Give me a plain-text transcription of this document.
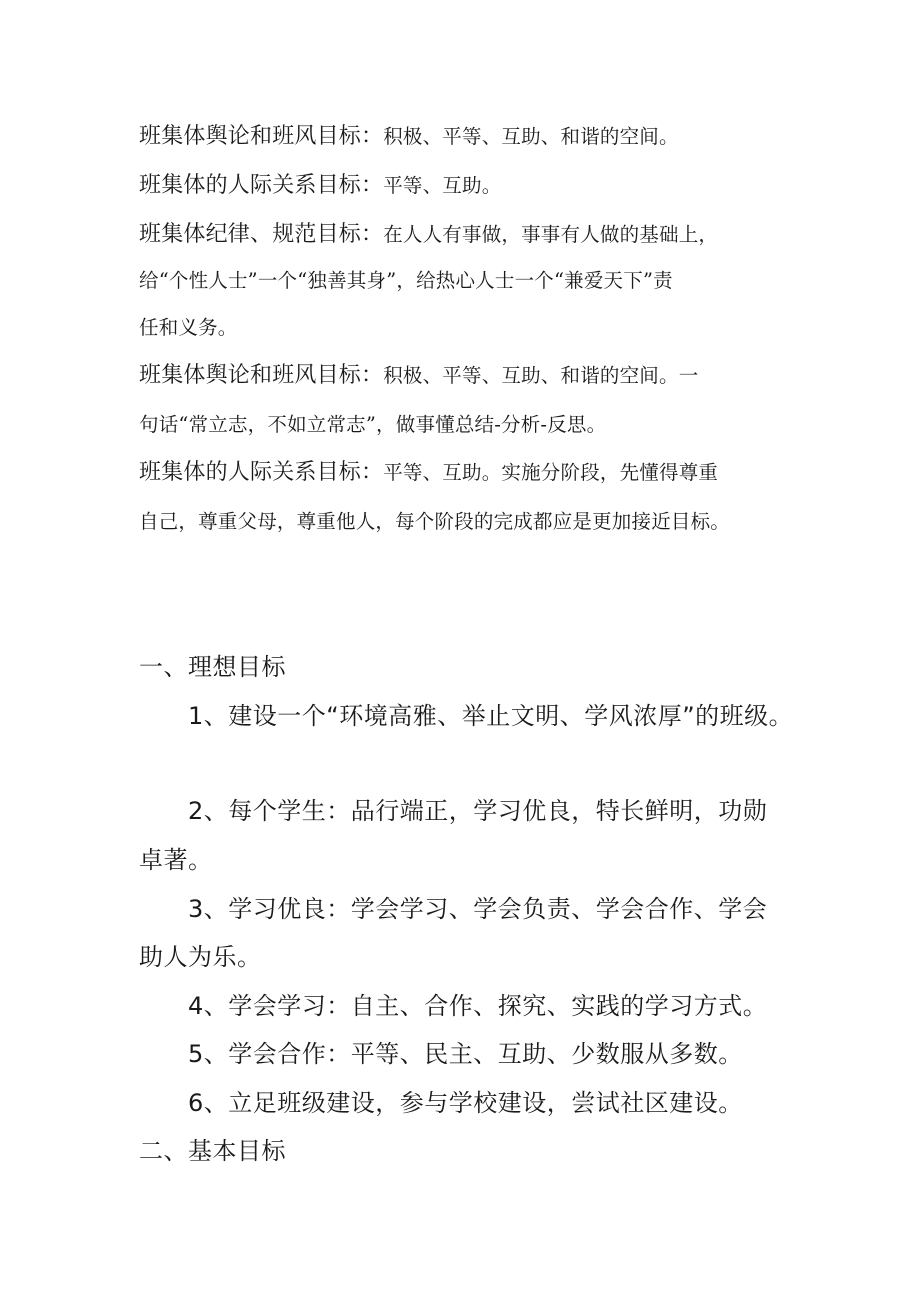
班集体舆论和班风目标：积极、平等、互助、和谐的空间。
班集体的人际关系目标：平等、互助。
班集体纪律、规范目标：在人人有事做，事事有人做的基础上，
给“个性人士”一个“独善其身”，给热心人士一个“兼爱天下”责
任和义务。
班集体舆论和班风目标：积极、平等、互助、和谐的空间。一
句话“常立志，不如立常志”，做事懂总结-分析-反思。
班集体的人际关系目标：平等、互助。实施分阶段，先懂得尊重
自己，尊重父母，尊重他人，每个阶段的完成都应是更加接近目标。
一、理想目标
1、建设一个“环境高雅、举止文明、学风浓厚”的班级。
2、每个学生：品行端正，学习优良，特长鲜明，功勋
卓著。
3、学习优良：学会学习、学会负责、学会合作、学会
助人为乐。
4、学会学习：自主、合作、探究、实践的学习方式。
5、学会合作：平等、民主、互助、少数服从多数。
6、立足班级建设，参与学校建设，尝试社区建设。
二、基本目标
